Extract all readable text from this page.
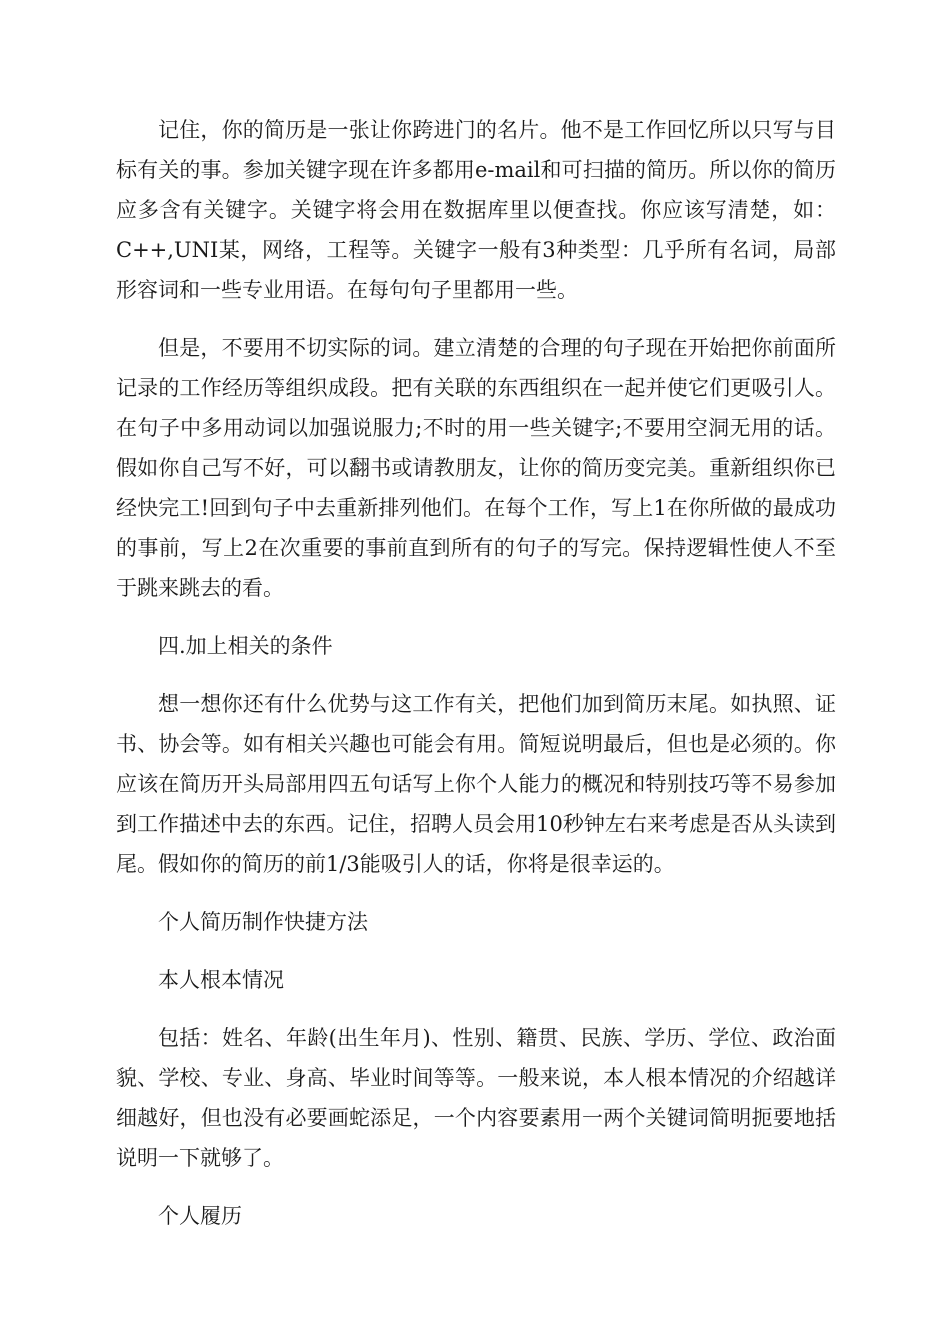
记住，你的简历是一张让你跨进门的名片。他不是工作回忆所以只写与目标有关的事。参加关键字现在许多都用e-mail和可扫描的简历。所以你的简历应多含有关键字。关键字将会用在数据库里以便查找。你应该写清楚，如：C++,UNI某，网络，工程等。关键字一般有3种类型：几乎所有名词，局部形容词和一些专业用语。在每句句子里都用一些。

但是，不要用不切实际的词。建立清楚的合理的句子现在开始把你前面所记录的工作经历等组织成段。把有关联的东西组织在一起并使它们更吸引人。在句子中多用动词以加强说服力;不时的用一些关键字;不要用空洞无用的话。假如你自己写不好，可以翻书或请教朋友，让你的简历变完美。重新组织你已经快完工!回到句子中去重新排列他们。在每个工作，写上1在你所做的最成功的事前，写上2在次重要的事前直到所有的句子的写完。保持逻辑性使人不至于跳来跳去的看。

四.加上相关的条件

想一想你还有什么优势与这工作有关，把他们加到简历末尾。如执照、证书、协会等。如有相关兴趣也可能会有用。简短说明最后，但也是必须的。你应该在简历开头局部用四五句话写上你个人能力的概况和特别技巧等不易参加到工作描述中去的东西。记住，招聘人员会用10秒钟左右来考虑是否从头读到尾。假如你的简历的前1/3能吸引人的话，你将是很幸运的。

个人简历制作快捷方法

本人根本情况

包括：姓名、年龄(出生年月)、性别、籍贯、民族、学历、学位、政治面貌、学校、专业、身高、毕业时间等等。一般来说，本人根本情况的介绍越详细越好，但也没有必要画蛇添足，一个内容要素用一两个关键词简明扼要地括说明一下就够了。

个人履历
